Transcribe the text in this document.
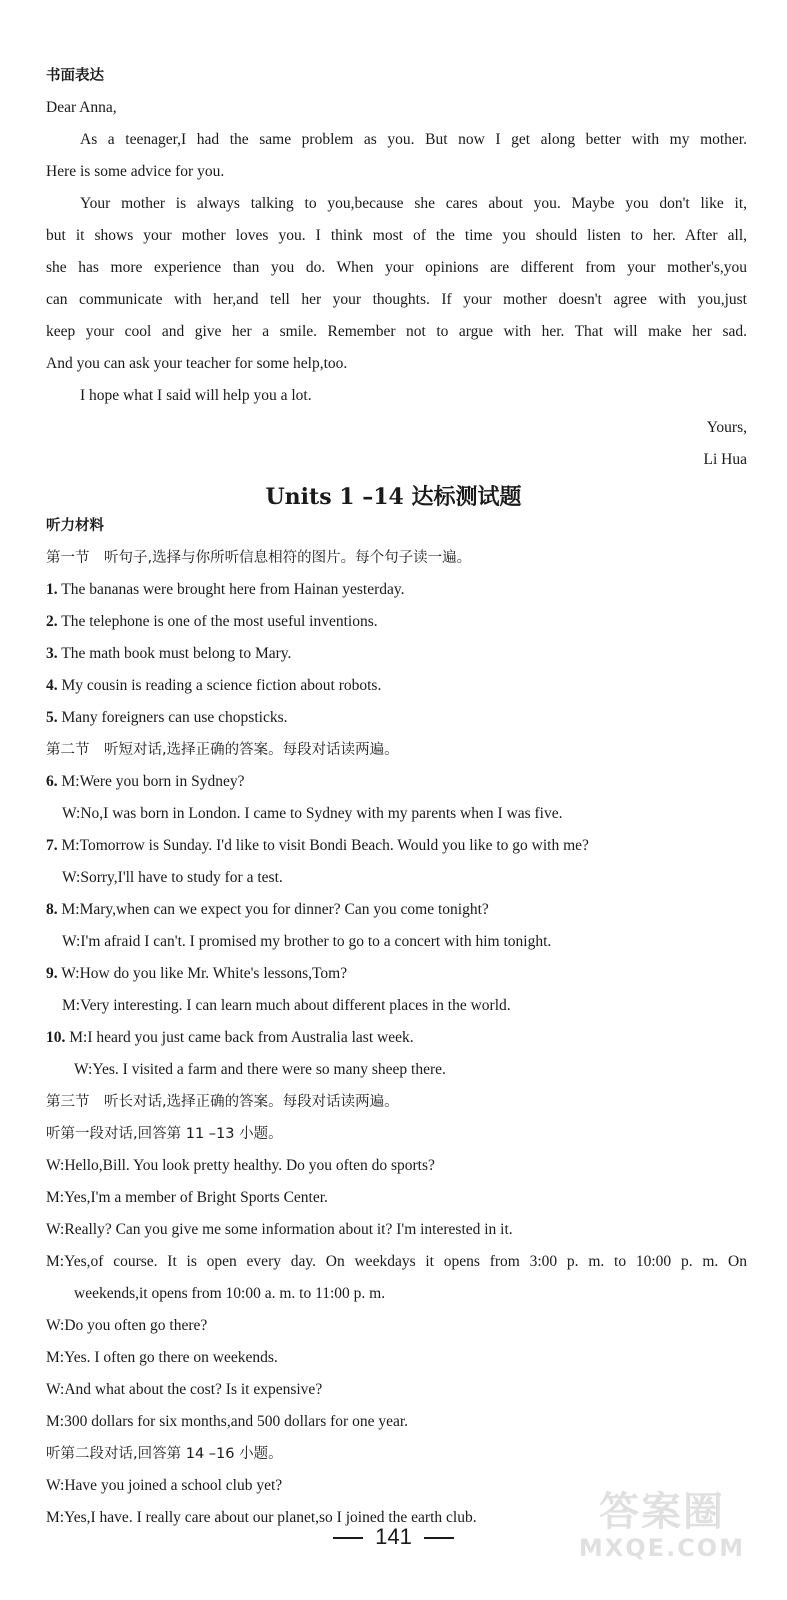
书面表达
Dear Anna,
As a teenager,I had the same problem as you. But now I get along better with my mother.
Here is some advice for you.
Your mother is always talking to you,because she cares about you. Maybe you don't like it,
but it shows your mother loves you. I think most of the time you should listen to her. After all,
she has more experience than you do. When your opinions are different from your mother's,you
can communicate with her,and tell her your thoughts. If your mother doesn't agree with you,just
keep your cool and give her a smile. Remember not to argue with her. That will make her sad.
And you can ask your teacher for some help,too.
I hope what I said will help you a lot.
Yours,
Li Hua
Units 1 –14 达标测试题
听力材料
第一节　听句子,选择与你所听信息相符的图片。每个句子读一遍。
1. The bananas were brought here from Hainan yesterday.
2. The telephone is one of the most useful inventions.
3. The math book must belong to Mary.
4. My cousin is reading a science fiction about robots.
5. Many foreigners can use chopsticks.
第二节　听短对话,选择正确的答案。每段对话读两遍。
6. M:Were you born in Sydney?
W:No,I was born in London. I came to Sydney with my parents when I was five.
7. M:Tomorrow is Sunday. I'd like to visit Bondi Beach. Would you like to go with me?
W:Sorry,I'll have to study for a test.
8. M:Mary,when can we expect you for dinner? Can you come tonight?
W:I'm afraid I can't. I promised my brother to go to a concert with him tonight.
9. W:How do you like Mr. White's lessons,Tom?
M:Very interesting. I can learn much about different places in the world.
10. M:I heard you just came back from Australia last week.
W:Yes. I visited a farm and there were so many sheep there.
第三节　听长对话,选择正确的答案。每段对话读两遍。
听第一段对话,回答第 11 –13 小题。
W:Hello,Bill. You look pretty healthy. Do you often do sports?
M:Yes,I'm a member of Bright Sports Center.
W:Really? Can you give me some information about it? I'm interested in it.
M:Yes,of course. It is open every day. On weekdays it opens from 3:00 p. m. to 10:00 p. m. On
weekends,it opens from 10:00 a. m. to 11:00 p. m.
W:Do you often go there?
M:Yes. I often go there on weekends.
W:And what about the cost? Is it expensive?
M:300 dollars for six months,and 500 dollars for one year.
听第二段对话,回答第 14 –16 小题。
W:Have you joined a school club yet?
M:Yes,I have. I really care about our planet,so I joined the earth club.
141
答案圈
MXQE.COM
